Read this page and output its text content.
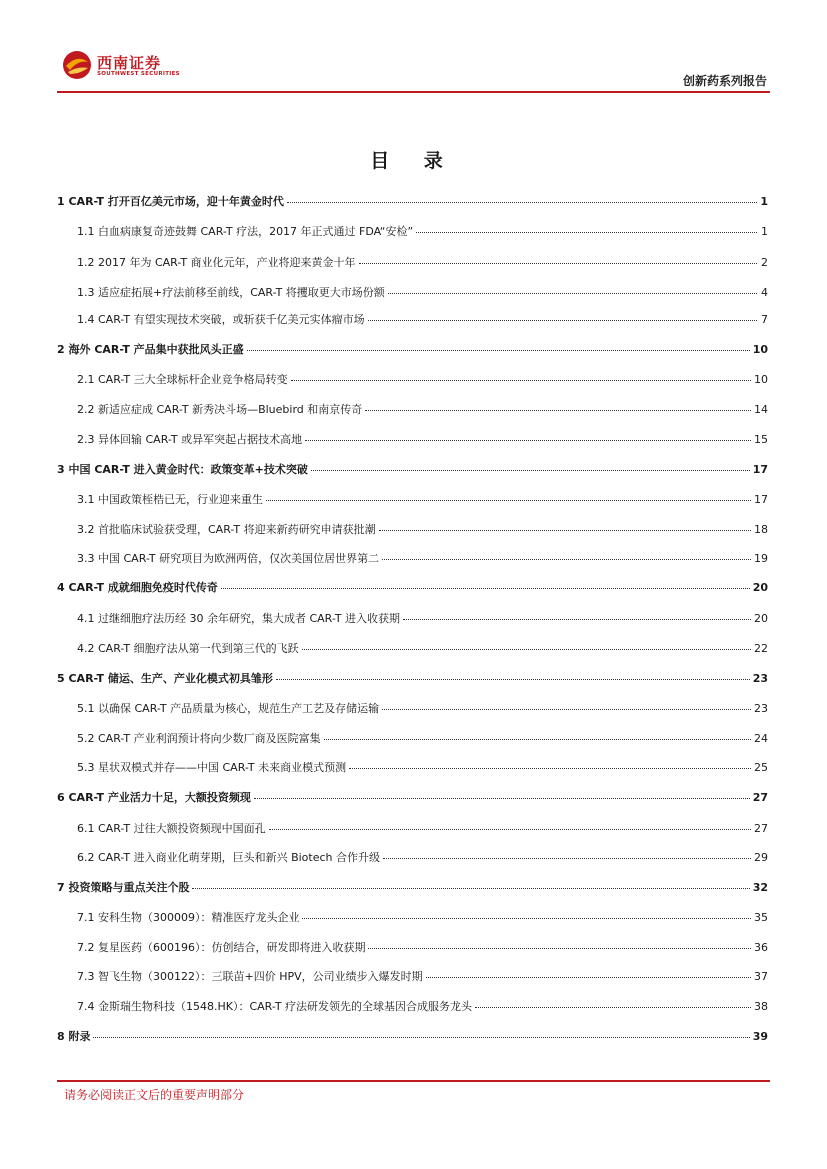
西南证券
SOUTHWEST SECURITIES	创新药系列报告
目 录
1 CAR-T 打开百亿美元市场，迎十年黄金时代	1
1.1 白血病康复奇迹鼓舞 CAR-T 疗法，2017 年正式通过 FDA“安检”	1
1.2 2017 年为 CAR-T 商业化元年，产业将迎来黄金十年	2
1.3 适应症拓展+疗法前移至前线，CAR-T 将攫取更大市场份额	4
1.4 CAR-T 有望实现技术突破，或斩获千亿美元实体瘤市场	7
2 海外 CAR-T 产品集中获批风头正盛	10
2.1 CAR-T 三大全球标杆企业竞争格局转变	10
2.2 新适应症成 CAR-T 新秀决斗场—Bluebird 和南京传奇	14
2.3 异体回输 CAR-T 或异军突起占据技术高地	15
3 中国 CAR-T 进入黄金时代：政策变革+技术突破	17
3.1 中国政策桎梏已无，行业迎来重生	17
3.2 首批临床试验获受理，CAR-T 将迎来新药研究申请获批潮	18
3.3 中国 CAR-T 研究项目为欧洲两倍，仅次美国位居世界第二	19
4 CAR-T 成就细胞免疫时代传奇	20
4.1 过继细胞疗法历经 30 余年研究，集大成者 CAR-T 进入收获期	20
4.2 CAR-T 细胞疗法从第一代到第三代的飞跃	22
5 CAR-T 储运、生产、产业化模式初具雏形	23
5.1 以确保 CAR-T 产品质量为核心，规范生产工艺及存储运输	23
5.2 CAR-T 产业利润预计将向少数厂商及医院富集	24
5.3 星状双模式并存——中国 CAR-T 未来商业模式预测	25
6 CAR-T 产业活力十足，大额投资频现	27
6.1 CAR-T 过往大额投资频现中国面孔	27
6.2 CAR-T 进入商业化萌芽期，巨头和新兴 Biotech 合作升级	29
7 投资策略与重点关注个股	32
7.1 安科生物（300009）：精准医疗龙头企业	35
7.2 复星医药（600196）：仿创结合，研发即将进入收获期	36
7.3 智飞生物（300122）：三联苗+四价 HPV，公司业绩步入爆发时期	37
7.4 金斯瑞生物科技（1548.HK）：CAR-T 疗法研发领先的全球基因合成服务龙头	38
8 附录	39
请务必阅读正文后的重要声明部分
